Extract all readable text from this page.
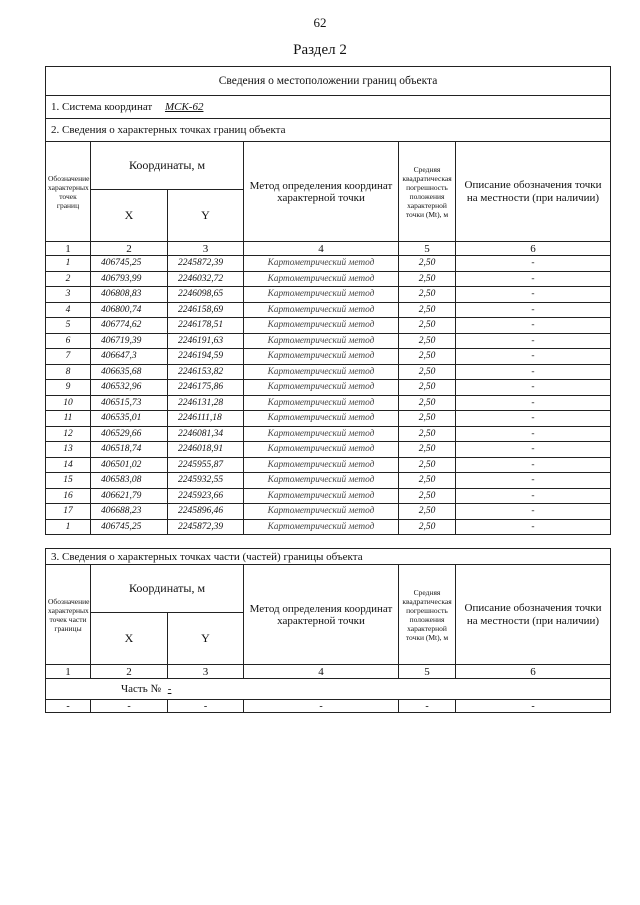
62
Раздел 2
Сведения о местоположении границ объекта					
1. Система координат МСК-62					
2. Сведения о характерных точках границ объекта					
Обозначение характерных точек границ	Координаты, м		Метод определения координат характерной точки	Средняя квадратическая погрешность положения характерной точки (Mt), м	Описание обозначения точки на местности (при наличии)
	X	Y			
1	2	3	4	5	6
1	406745,25	2245872,39	Картометрический метод	2,50	-
2	406793,99	2246032,72	Картометрический метод	2,50	-
3	406808,83	2246098,65	Картометрический метод	2,50	-
4	406800,74	2246158,69	Картометрический метод	2,50	-
5	406774,62	2246178,51	Картометрический метод	2,50	-
6	406719,39	2246191,63	Картометрический метод	2,50	-
7	406647,3	2246194,59	Картометрический метод	2,50	-
8	406635,68	2246153,82	Картометрический метод	2,50	-
9	406532,96	2246175,86	Картометрический метод	2,50	-
10	406515,73	2246131,28	Картометрический метод	2,50	-
11	406535,01	2246111,18	Картометрический метод	2,50	-
12	406529,66	2246081,34	Картометрический метод	2,50	-
13	406518,74	2246018,91	Картометрический метод	2,50	-
14	406501,02	2245955,87	Картометрический метод	2,50	-
15	406583,08	2245932,55	Картометрический метод	2,50	-
16	406621,79	2245923,66	Картометрический метод	2,50	-
17	406688,23	2245896,46	Картометрический метод	2,50	-
1	406745,25	2245872,39	Картометрический метод	2,50	-
Обозначение характерных точек части границы	Координаты, м		Метод определения координат характерной точки	Средняя квадратическая погрешность положения характерной точки (Mt), м	Описание обозначения точки на местности (при наличии)
	X	Y			
1	2	3	4	5	6
Часть № -					
-	-	-	-	-	-
3. Сведения о характерных точках части (частей) границы объекта
